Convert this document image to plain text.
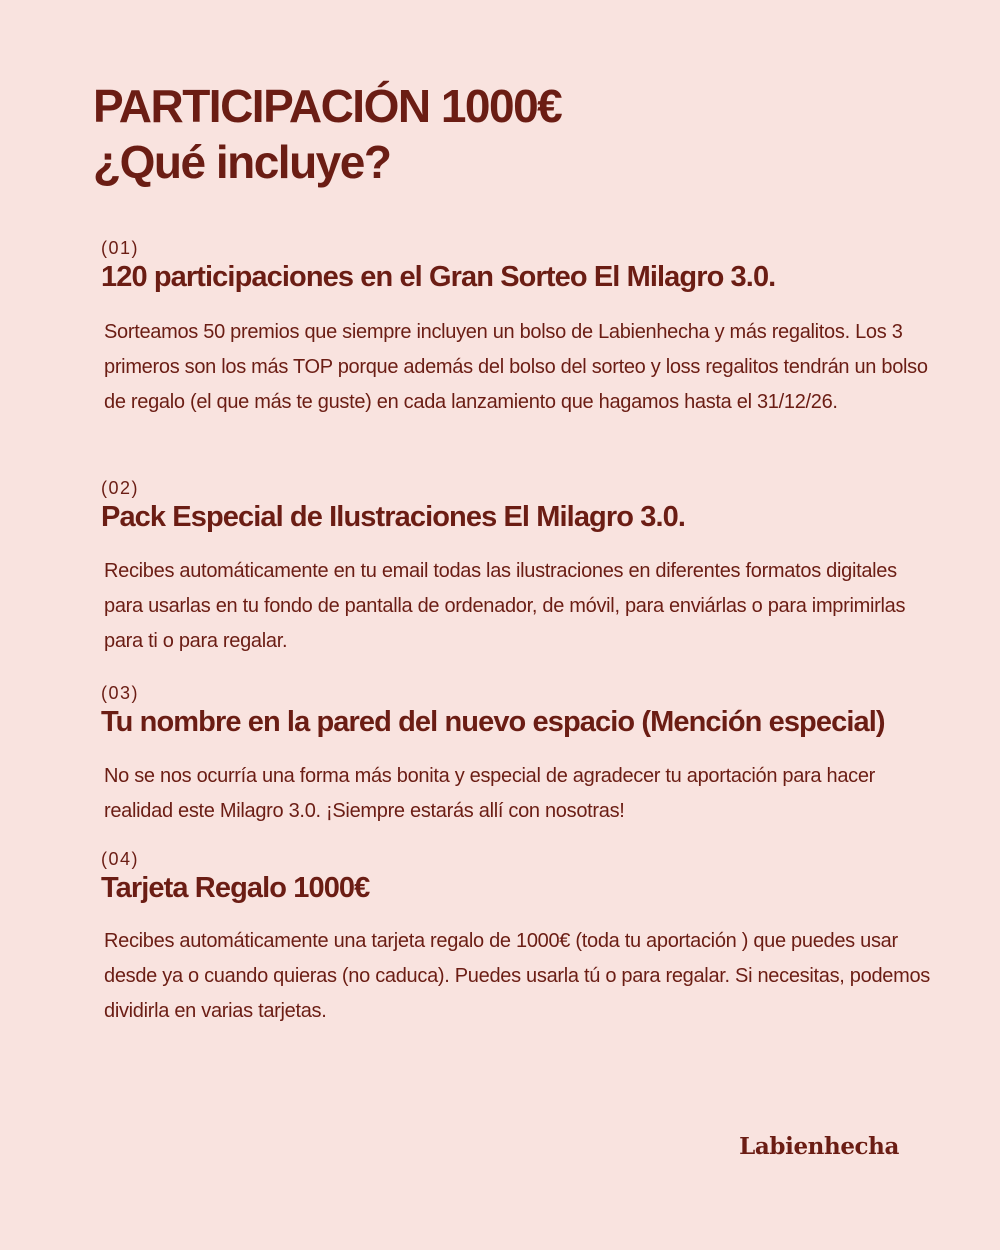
PARTICIPACIÓN 1000€

¿Qué incluye?

(01)

120 participaciones en el Gran Sorteo El Milagro 3.0.

Sorteamos 50 premios que siempre incluyen un bolso de Labienhecha y más regalitos. Los 3 primeros son los más TOP porque además del bolso del sorteo y loss regalitos tendrán un bolso de regalo (el que más te guste) en cada lanzamiento que hagamos hasta el 31/12/26.

(02)

Pack Especial de Ilustraciones El Milagro 3.0.

Recibes automáticamente en tu email todas las ilustraciones en diferentes formatos digitales para usarlas en tu fondo de pantalla de ordenador, de móvil, para enviárlas o para imprimirlas para ti o para regalar.

(03)

Tu nombre en la pared del nuevo espacio (Mención especial)

No se nos ocurría una forma más bonita y especial de agradecer tu aportación para hacer realidad este Milagro 3.0. ¡Siempre estarás allí con nosotras!

(04)

Tarjeta Regalo 1000€

Recibes automáticamente una tarjeta regalo de 1000€ (toda tu aportación ) que puedes usar desde ya o cuando quieras (no caduca). Puedes usarla tú o para regalar. Si necesitas, podemos dividirla en varias tarjetas.

Labienhecha
